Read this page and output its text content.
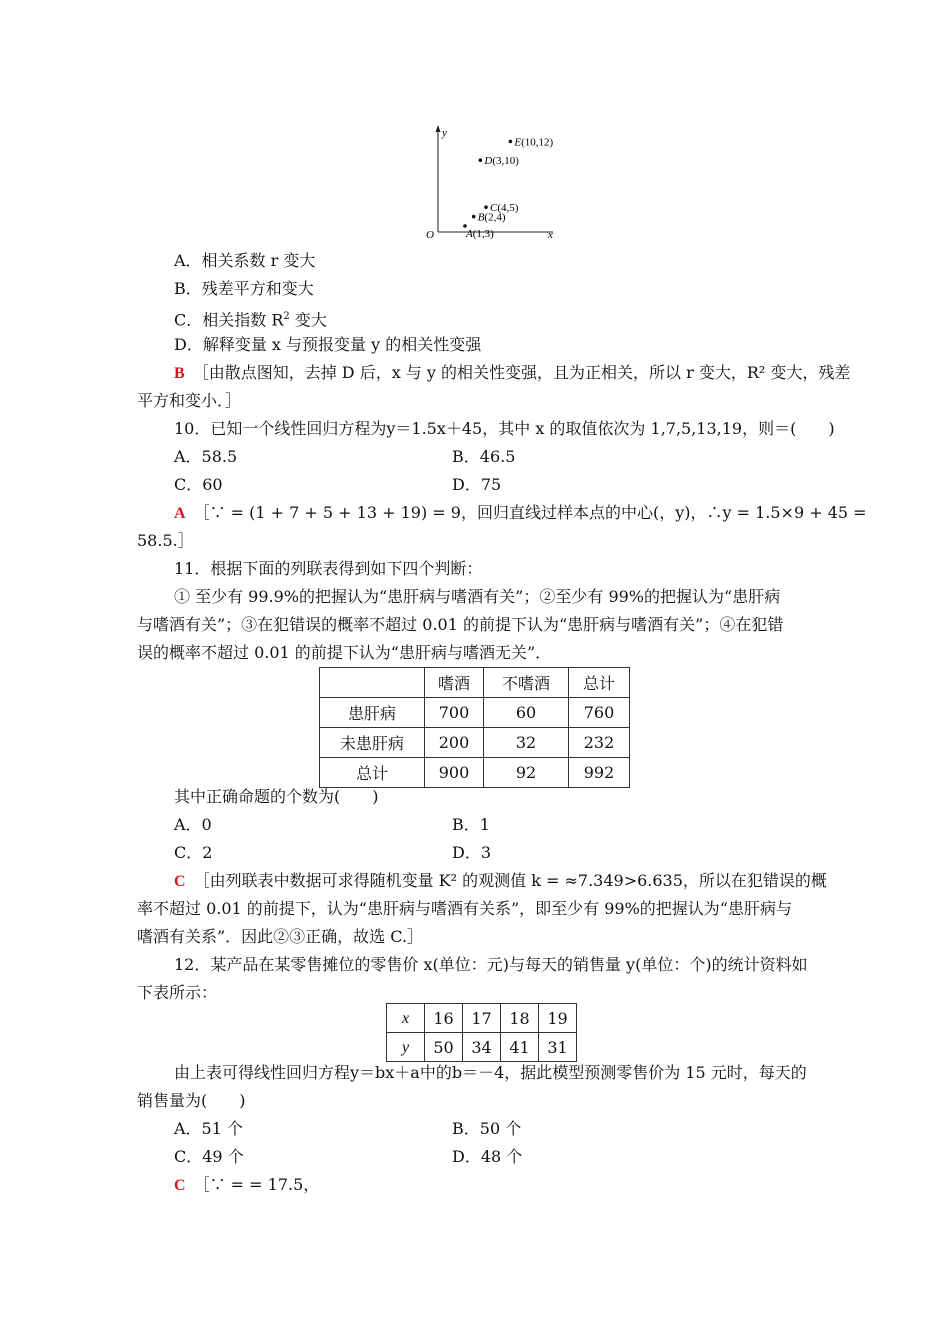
y
x
O	A(1,3)
B(2,4)
C(4,5)
D(3,10)
E(10,12)
A．相关系数 r 变大
B．残差平方和变大
C．相关指数 $R^2$ 变大
D．解释变量 x 与预报变量 y 的相关性变强
B　 ［由散点图知，去掉 D 后，x 与 y 的相关性变强，且为正相关，所以 r 变大，R² 变大，残差
平方和变小．］
10．已知一个线性回归方程为y＝1.5x＋45，其中 x 的取值依次为 1,7,5,13,19，则＝(　　)
A．58.5	B．46.5
C．60	D．75
A　 ［∵ = (1 + 7 + 5 + 13 + 19) = 9，回归直线过样本点的中心(，y)，∴y = 1.5×9 + 45 =
58.5.］
11．根据下面的列联表得到如下四个判断：
① 至少有 99.9%的把握认为“患肝病与嗜酒有关”；②至少有 99%的把握认为“患肝病
与嗜酒有关”；③在犯错误的概率不超过 0.01 的前提下认为“患肝病与嗜酒有关”；④在犯错
误的概率不超过 0.01 的前提下认为“患肝病与嗜酒无关”．
	嗜酒	不嗜酒	总计
患肝病	700	60	760
未患肝病	200	32	232
总计	900	92	992
其中正确命题的个数为(　　)
A．0	B．1
C．2	D．3
C　 ［由列联表中数据可求得随机变量 K² 的观测值 k = ≈7.349>6.635，所以在犯错误的概
率不超过 0.01 的前提下，认为“患肝病与嗜酒有关系”，即至少有 99%的把握认为“患肝病与
嗜酒有关系”．因此②③正确，故选 C.］
12．某产品在某零售摊位的零售价 x(单位：元)与每天的销售量 y(单位：个)的统计资料如
下表所示：
x	16	17	18	19
y	50	34	41	31
由上表可得线性回归方程y＝bx＋a中的b＝－4，据此模型预测零售价为 15 元时，每天的
销售量为(　　)
A．51 个	B．50 个
C．49 个	D．48 个
C　 ［∵ = = 17.5，
